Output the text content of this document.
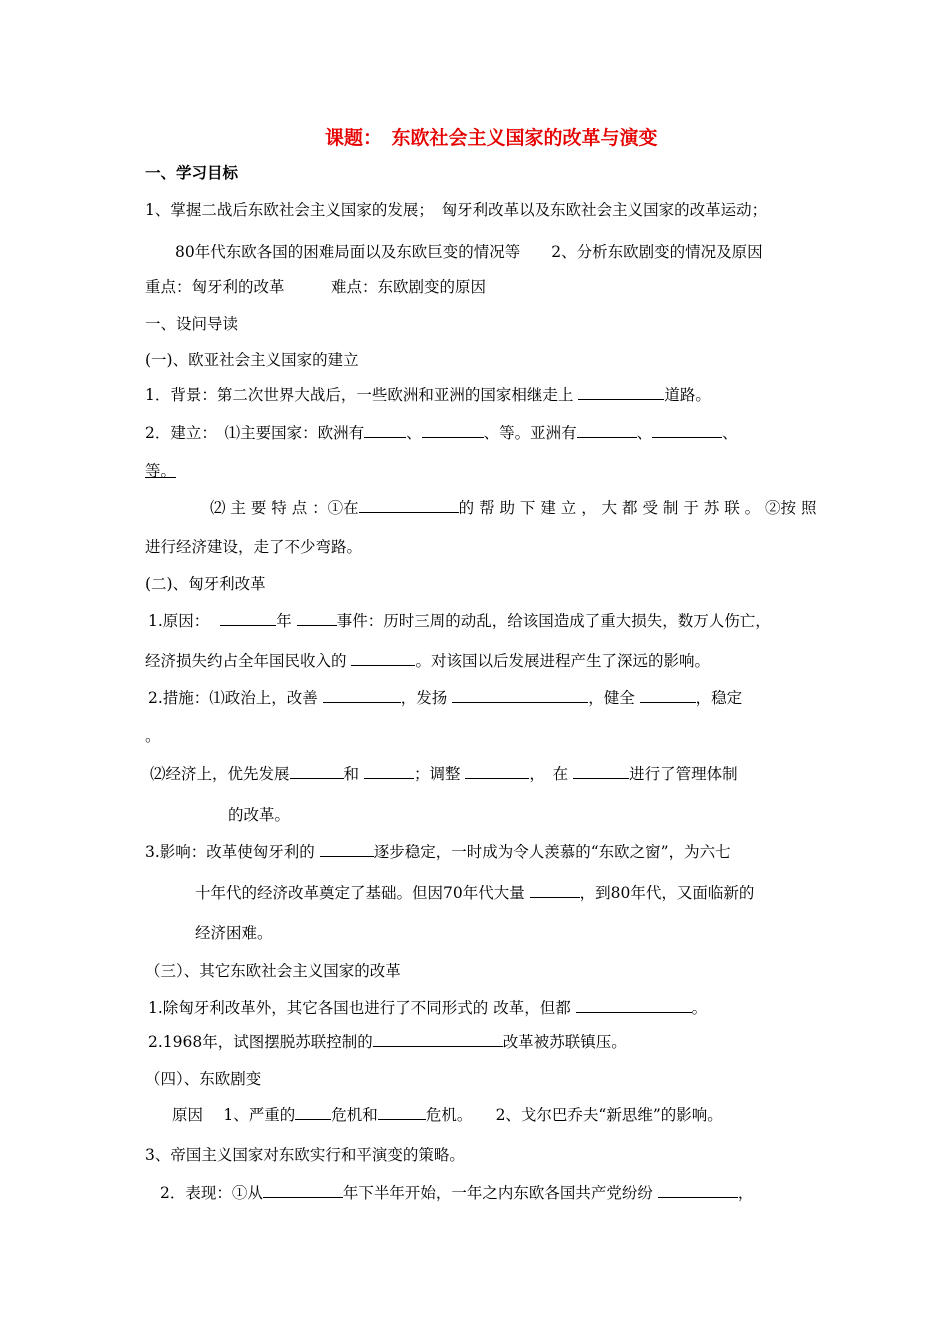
课题：　东欧社会主义国家的改革与演变
一、学习目标
1、掌握二战后东欧社会主义国家的发展；　匈牙利改革以及东欧社会主义国家的改革运动；
80年代东欧各国的困难局面以及东欧巨变的情况等　　2、分析东欧剧变的情况及原因
重点：匈牙利的改革　　　难点：东欧剧变的原因
一、设问导读
(一)、欧亚社会主义国家的建立
1．背景：第二次世界大战后，一些欧洲和亚洲的国家相继走上	道路。
2．建立：　⑴主要国家：欧洲有	、	、等。亚洲有	、	、
等。
⑵ 主 要 特 点 ：①在	的 帮 助 下 建 立 ， 大 都 受 制 于 苏 联 。 ②按 照
进行经济建设，走了不少弯路。
(二)、匈牙利改革
1.原因：	年	事件：历时三周的动乱，给该国造成了重大损失，数万人伤亡，
经济损失约占全年国民收入的	。对该国以后发展进程产生了深远的影响。
2.措施：⑴政治上，改善	，发扬	，健全	，稳定
。
⑵经济上，优先发展	和	；调整	，　在	进行了管理体制
的改革。
3.影响：改革使匈牙利的	逐步稳定，一时成为令人羡慕的“东欧之窗”，为六七
十年代的经济改革奠定了基础。但因70年代大量	，到80年代，又面临新的
经济困难。
（三）、其它东欧社会主义国家的改革
1.除匈牙利改革外，其它各国也进行了不同形式的 改革，但都	。
2.1968年，试图摆脱苏联控制的	改革被苏联镇压。
（四）、东欧剧变
原因　 1、严重的 危机和	危机。　　2、戈尔巴乔夫“新思维”的影响。
3、帝国主义国家对东欧实行和平演变的策略。
2．表现：①从	年下半年开始，一年之内东欧各国共产党纷纷	，
